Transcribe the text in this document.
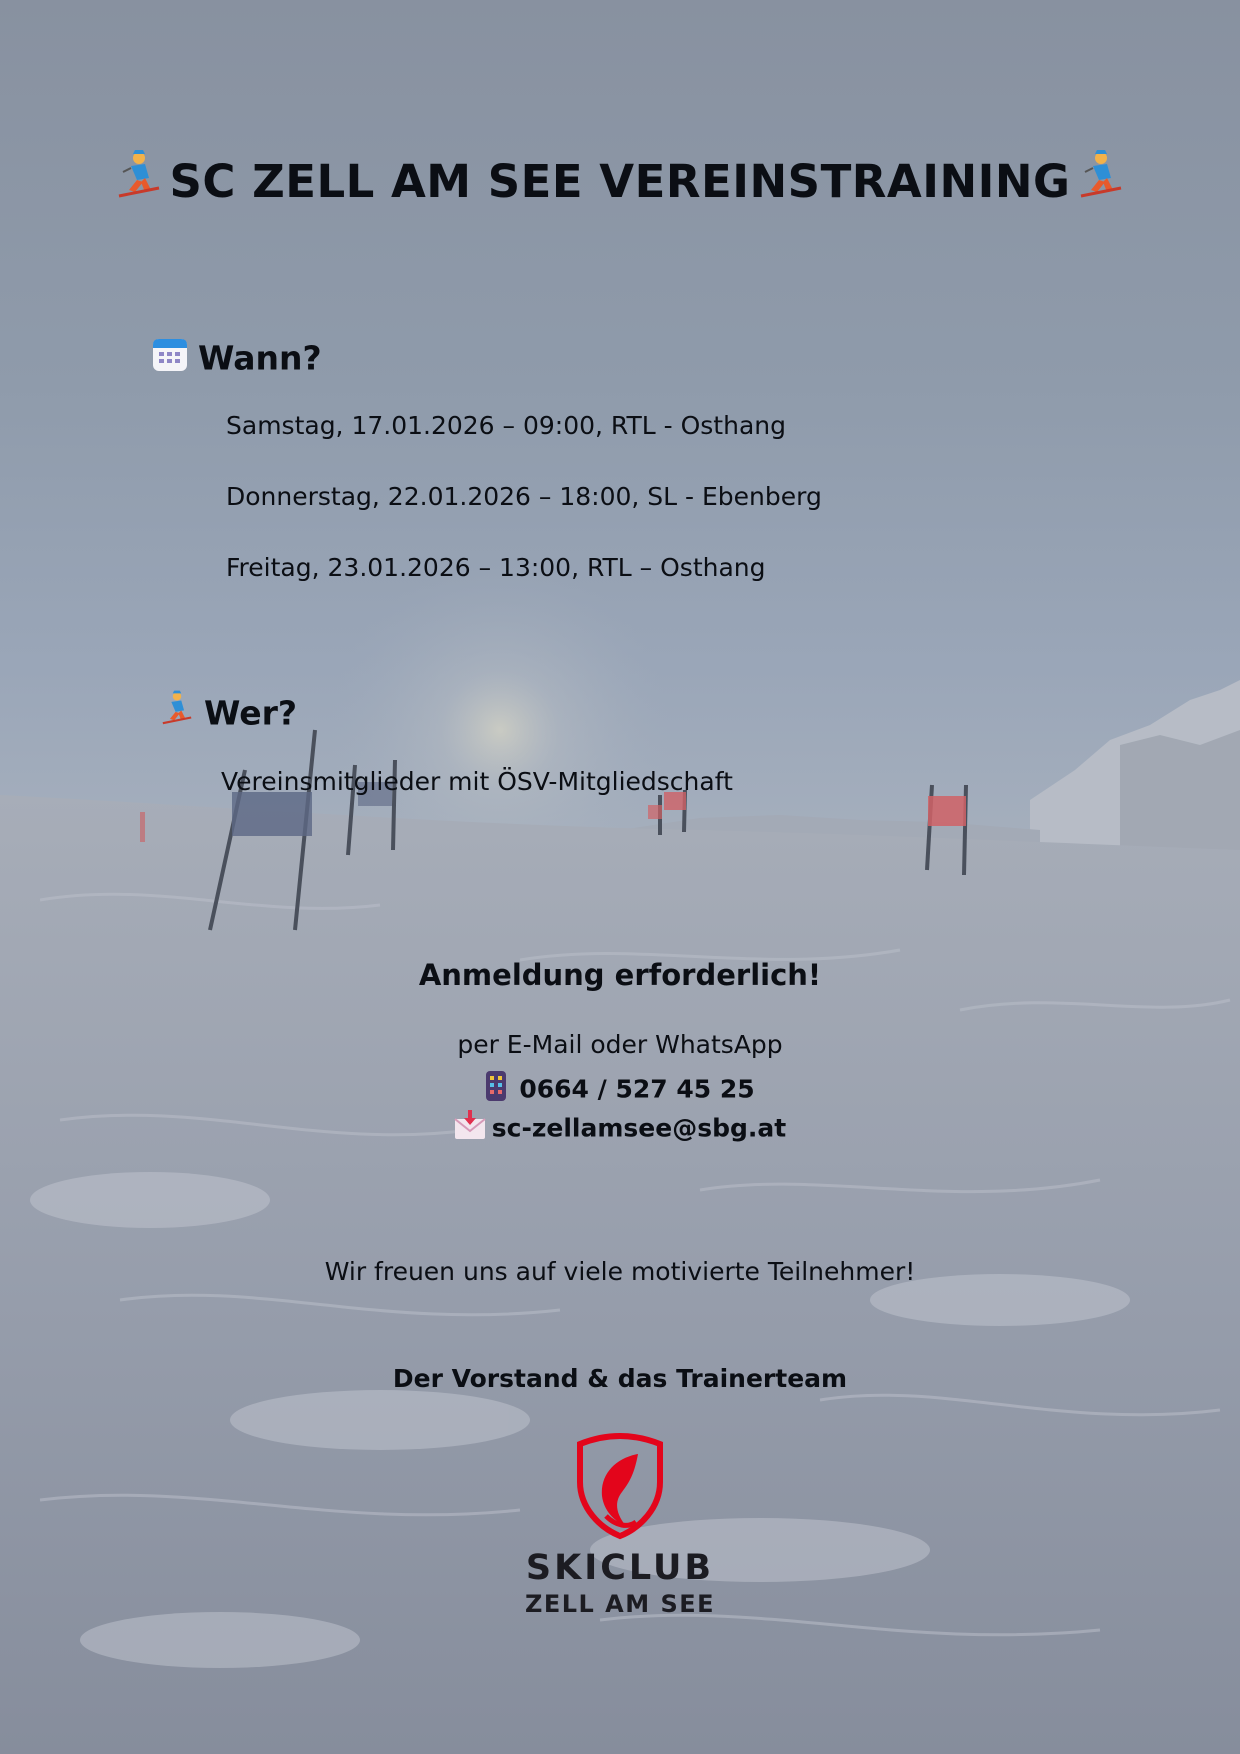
SC ZELL AM SEE VEREINSTRAINING
Wann?

Samstag, 17.01.2026 – 09:00, RTL - Osthang

Donnerstag, 22.01.2026 – 18:00, SL - Ebenberg

Freitag, 23.01.2026 – 13:00, RTL – Osthang

Wer?

Vereinsmitglieder mit ÖSV-Mitgliedschaft

Anmeldung erforderlich!

per E-Mail oder WhatsApp

0664 / 527 45 25

sc-zellamsee@sbg.at

Wir freuen uns auf viele motivierte Teilnehmer!

Der Vorstand & das Trainerteam

SKICLUB
ZELL AM SEE
